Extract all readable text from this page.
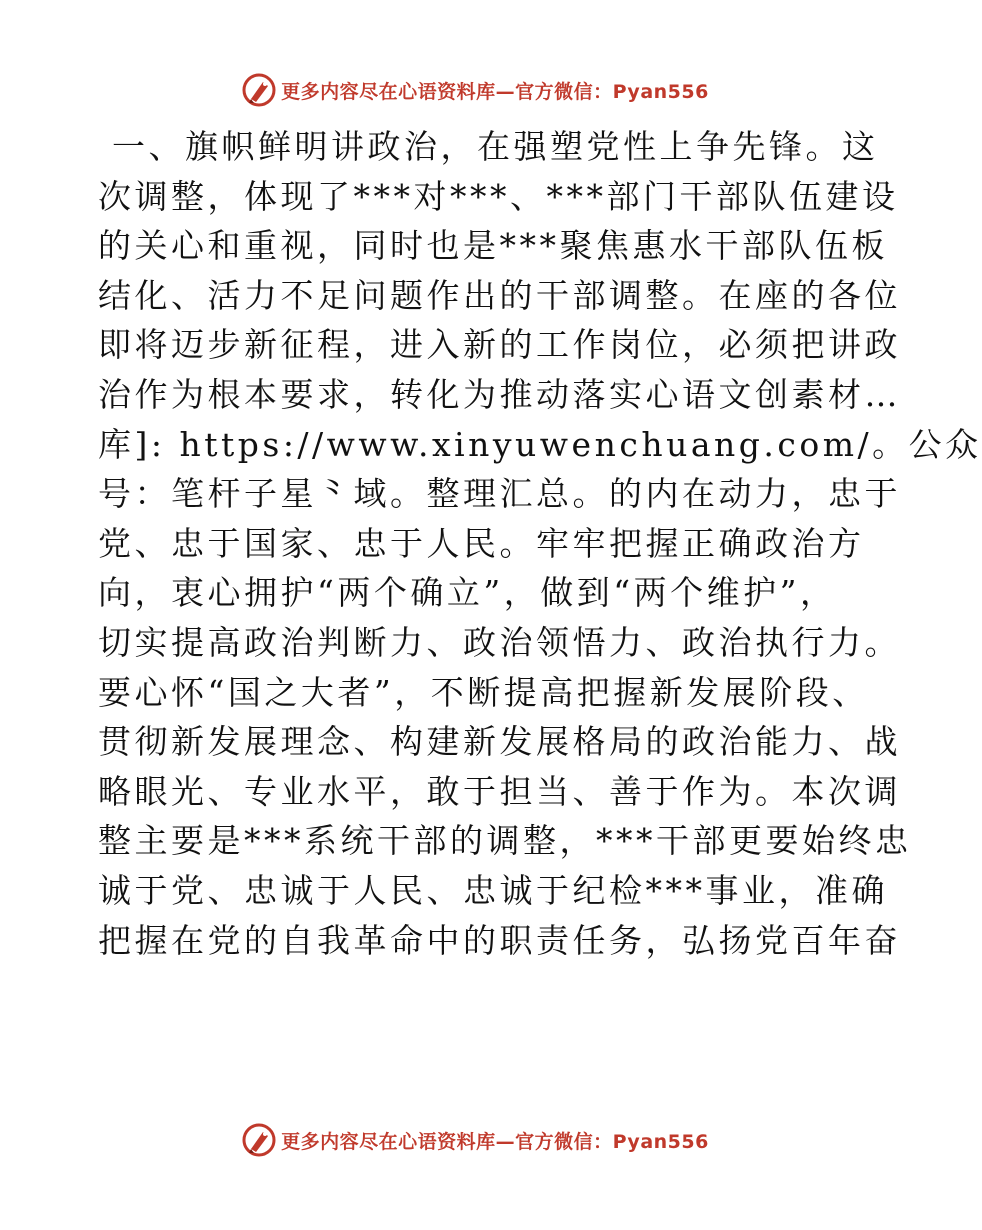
更多内容尽在心语资料库—官方微信：Pyan556
一、旗帜鲜明讲政治，在强塑党性上争先锋。这
次调整，体现了***对***、***部门干部队伍建设
的关心和重视，同时也是***聚焦惠水干部队伍板
结化、活力不足问题作出的干部调整。在座的各位
即将迈步新征程，进入新的工作岗位，必须把讲政
治作为根本要求，转化为推动落实心语文创素材…
库]: https://www.xinyuwenchuang.com/。公众
号：笔杆子星⺀域。整理汇总。的内在动力，忠于
党、忠于国家、忠于人民。牢牢把握正确政治方
向，衷心拥护“两个确立”，做到“两个维护”，
切实提高政治判断力、政治领悟力、政治执行力。
要心怀“国之大者”，不断提高把握新发展阶段、
贯彻新发展理念、构建新发展格局的政治能力、战
略眼光、专业水平，敢于担当、善于作为。本次调
整主要是***系统干部的调整，***干部更要始终忠
诚于党、忠诚于人民、忠诚于纪检***事业，准确
把握在党的自我革命中的职责任务，弘扬党百年奋
更多内容尽在心语资料库—官方微信：Pyan556
